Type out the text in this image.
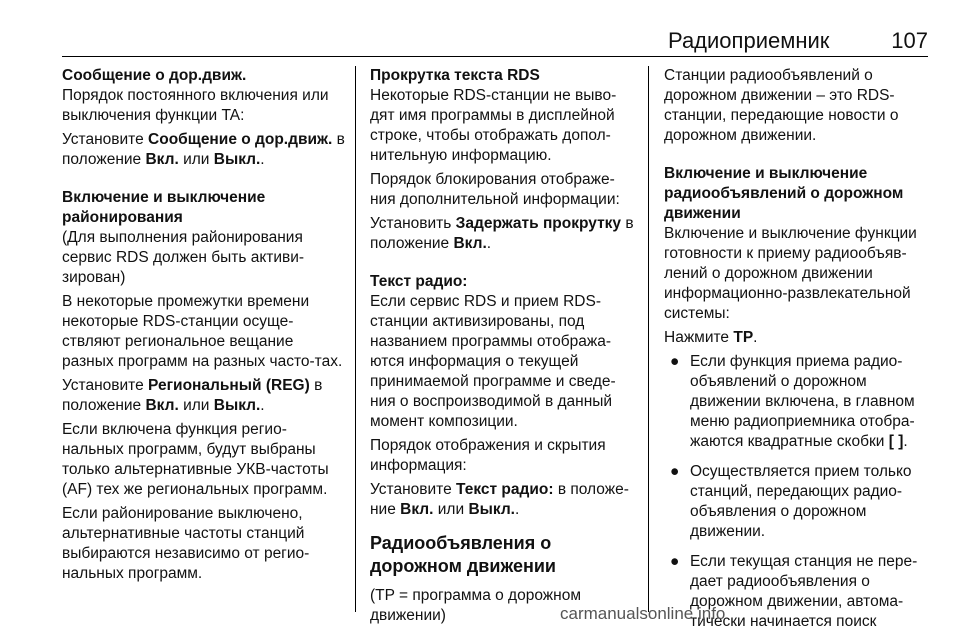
Радиоприемник	107
Сообщение о дор.движ.
Порядок постоянного включения или выключения функции TA:
Установите Сообщение о дор.движ. в положение Вкл. или Выкл..
Включение и выключение районирования
(Для выполнения районирования сервис RDS должен быть активи-зирован)
В некоторые промежутки времени некоторые RDS-станции осуще-ствляют региональное вещание разных программ на разных часто-тах.
Установите Региональный (REG) в положение Вкл. или Выкл..
Если включена функция регио-нальных программ, будут выбраны только альтернативные УКВ-частоты (AF) тех же региональных программ.
Если районирование выключено, альтернативные частоты станций выбираются независимо от регио-нальных программ.
Прокрутка текста RDS
Некоторые RDS-станции не выво-дят имя программы в дисплейной строке, чтобы отображать допол-нительную информацию.
Порядок блокирования отображе-ния дополнительной информации:
Установить Задержать прокрутку в положение Вкл..
Текст радио:
Если сервис RDS и прием RDS-станции активизированы, под названием программы отобража-ются информация о текущей принимаемой программе и сведе-ния о воспроизводимой в данный момент композиции.
Порядок отображения и скрытия информация:
Установите Текст радио: в положе-ние Вкл. или Выкл..
Радиообъявления о дорожном движении
(TP = программа о дорожном движении)
Станции радиообъявлений о дорожном движении – это RDS-станции, передающие новости о дорожном движении.
Включение и выключение радиообъявлений о дорожном движении
Включение и выключение функции готовности к приему радиообъяв-лений о дорожном движении информационно-развлекательной системы:
Нажмите TP.
● Если функция приема радио-объявлений о дорожном движении включена, в главном меню радиоприемника отобра-жаются квадратные скобки [ ].
● Осуществляется прием только станций, передающих радио-объявления о дорожном движении.
● Если текущая станция не пере-дает радиообъявления о дорожном движении, автома-тически начинается поиск
carmanualsonline.info
